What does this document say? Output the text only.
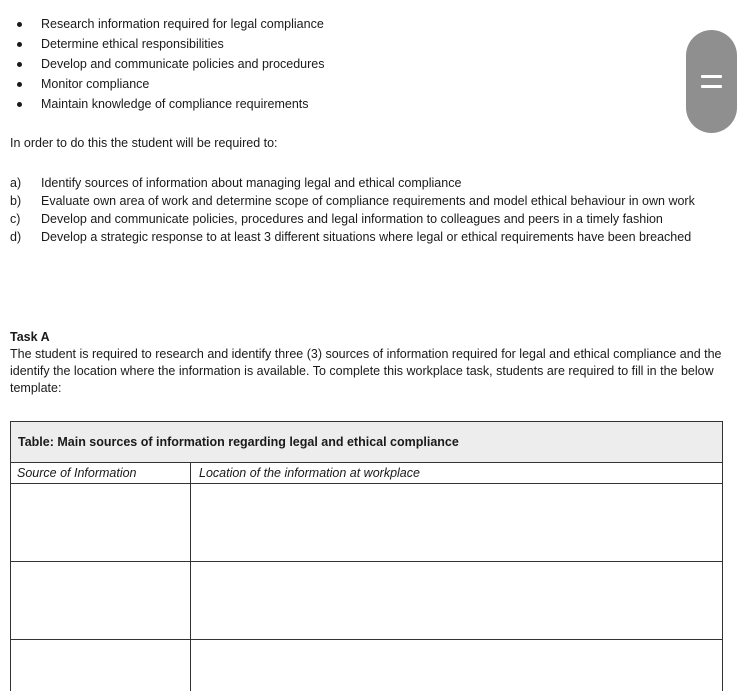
Research information required for legal compliance
Determine ethical responsibilities
Develop and communicate policies and procedures
Monitor compliance
Maintain knowledge of compliance requirements
In order to do this the student will be required to:
a) Identify sources of information about managing legal and ethical compliance
b) Evaluate own area of work and determine scope of compliance requirements and model ethical behaviour in own work
c) Develop and communicate policies, procedures and legal information to colleagues and peers in a timely fashion
d) Develop a strategic response to at least 3 different situations where legal or ethical requirements have been breached
Task A
The student is required to research and identify three (3) sources of information required for legal and ethical compliance and the identify the location where the information is available. To complete this workplace task, students are required to fill in the below template:
Table: Main sources of information regarding legal and ethical compliance
Source of Information	Location of the information at workplace
